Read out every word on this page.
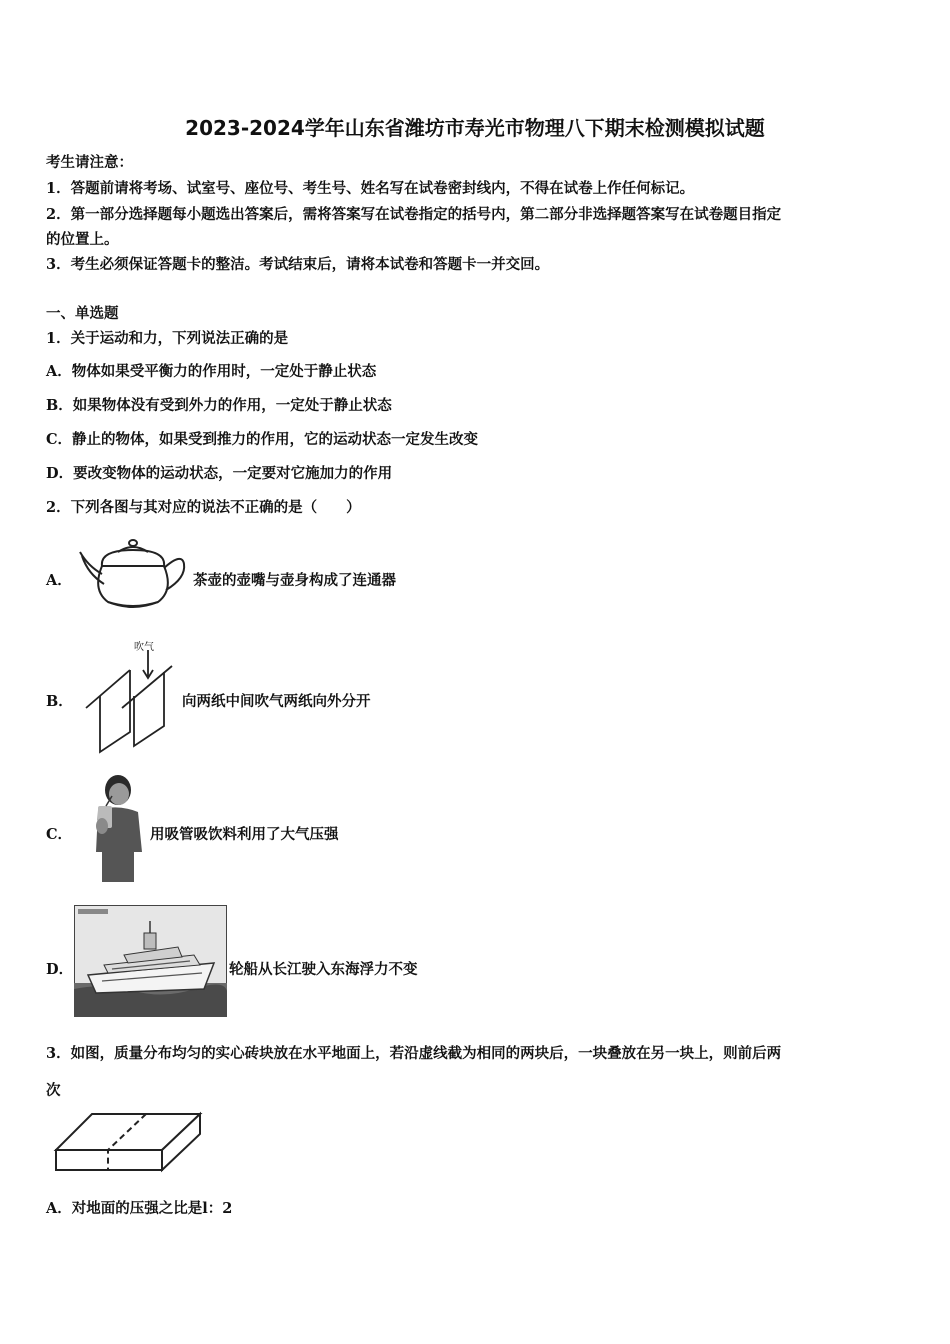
2023-2024学年山东省潍坊市寿光市物理八下期末检测模拟试题
考生请注意：
1．答题前请将考场、试室号、座位号、考生号、姓名写在试卷密封线内，不得在试卷上作任何标记。
2．第一部分选择题每小题选出答案后，需将答案写在试卷指定的括号内，第二部分非选择题答案写在试卷题目指定
的位置上。
3．考生必须保证答题卡的整洁。考试结束后，请将本试卷和答题卡一并交回。
一、单选题
1．关于运动和力，下列说法正确的是
A．物体如果受平衡力的作用时，一定处于静止状态
B．如果物体没有受到外力的作用，一定处于静止状态
C．静止的物体，如果受到推力的作用，它的运动状态一定发生改变
D．要改变物体的运动状态，一定要对它施加力的作用
2．下列各图与其对应的说法不正确的是（　　）
A．	茶壶的壶嘴与壶身构成了连通器
B．
吹气
向两纸中间吹气两纸向外分开
C．	用吸管吸饮料利用了大气压强
D．	轮船从长江驶入东海浮力不变
3．如图，质量分布均匀的实心砖块放在水平地面上，若沿虚线截为相同的两块后，一块叠放在另一块上，则前后两
次
A．对地面的压强之比是l：2
